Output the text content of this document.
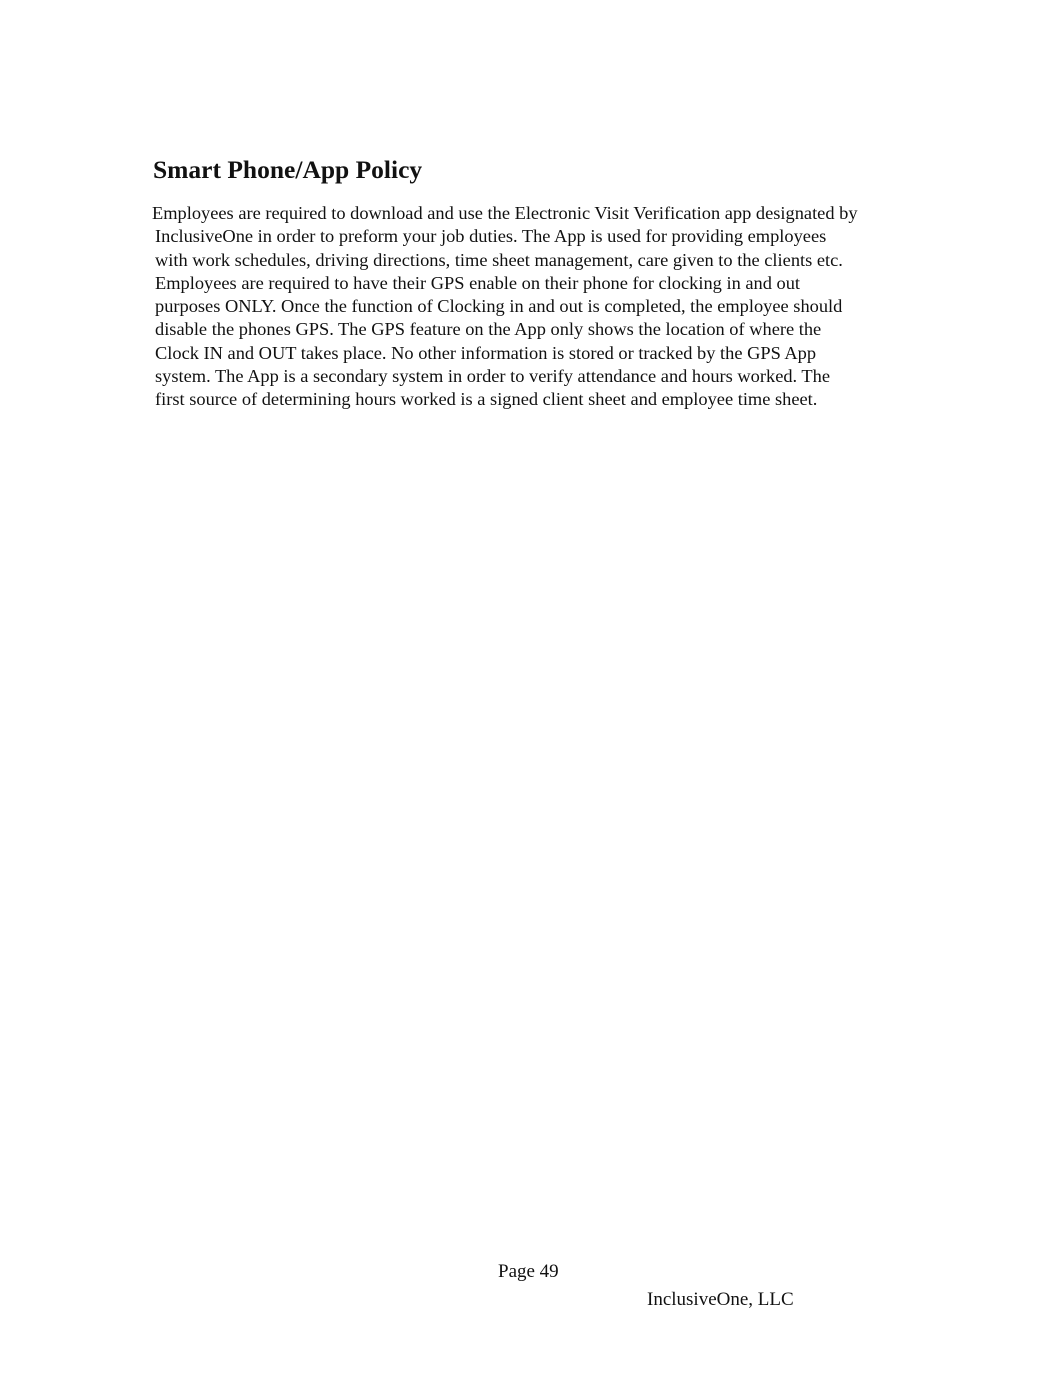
Smart Phone/App Policy
Employees are required to download and use the Electronic Visit Verification app designated by
InclusiveOne in order to preform your job duties. The App is used for providing employees
with work schedules, driving directions, time sheet management, care given to the clients etc.
Employees are required to have their GPS enable on their phone for clocking in and out
purposes ONLY. Once the function of Clocking in and out is completed, the employee should
disable the phones GPS. The GPS feature on the App only shows the location of where the
Clock IN and OUT takes place. No other information is stored or tracked by the GPS App
system. The App is a secondary system in order to verify attendance and hours worked. The
first source of determining hours worked is a signed client sheet and employee time sheet.
Page 49
InclusiveOne, LLC
